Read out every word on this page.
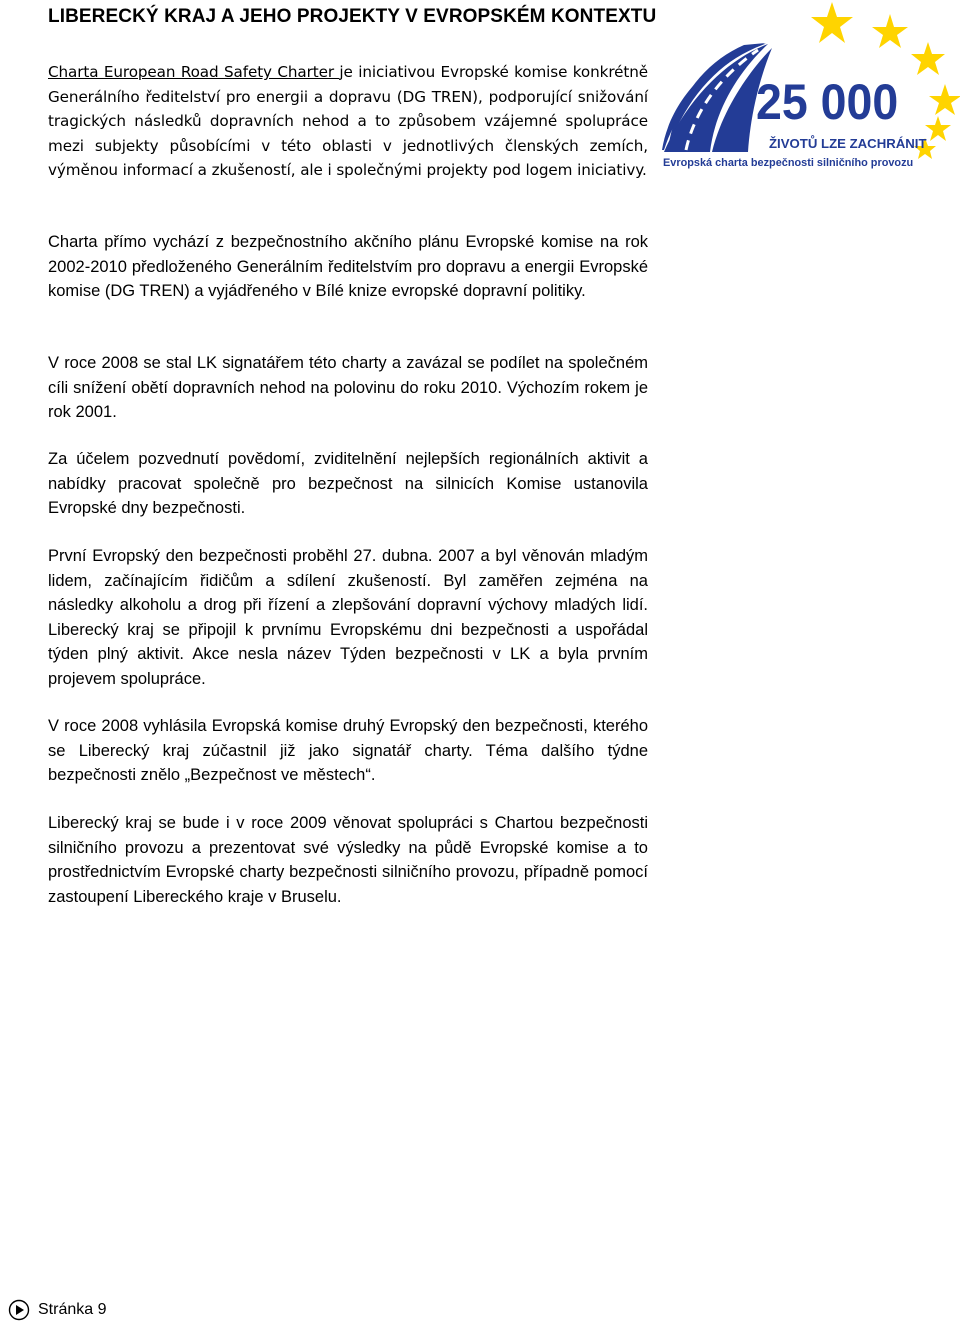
LIBERECKÝ KRAJ A JEHO PROJEKTY V EVROPSKÉM KONTEXTU

Charta European Road Safety Charter je iniciativou Evropské komise konkrétně Generálního ředitelství pro energii a dopravu (DG TREN), podporující snižování tragických následků dopravních nehod a to způsobem vzájemné spolupráce mezi subjekty působícími v této oblasti v jednotlivých členských zemích, výměnou informací a zkušeností, ale i společnými projekty pod logem iniciativy.

25 000
ŽIVOTŮ LZE ZACHRÁNIT
Evropská charta bezpečnosti silničního provozu

Charta přímo vychází z bezpečnostního akčního plánu Evropské komise na rok 2002-2010 předloženého Generálním ředitelstvím pro dopravu a energii Evropské komise (DG TREN) a vyjádřeného v Bílé knize evropské dopravní politiky.

V roce 2008 se stal LK signatářem této charty a zavázal se podílet na společném cíli snížení obětí dopravních nehod na polovinu do roku 2010. Výchozím rokem je rok 2001.

Za účelem pozvednutí povědomí, zviditelnění nejlepších regionálních aktivit a nabídky pracovat společně pro bezpečnost na silnicích Komise ustanovila Evropské dny bezpečnosti.

První Evropský den bezpečnosti proběhl 27. dubna. 2007 a byl věnován mladým lidem, začínajícím řidičům a sdílení zkušeností. Byl zaměřen zejména na následky alkoholu a drog při řízení a zlepšování dopravní výchovy mladých lidí. Liberecký kraj se připojil k prvnímu Evropskému dni bezpečnosti a uspořádal týden plný aktivit. Akce nesla název Týden bezpečnosti v LK a byla prvním projevem spolupráce.

V roce 2008 vyhlásila Evropská komise druhý Evropský den bezpečnosti, kterého se Liberecký kraj zúčastnil již jako signatář charty. Téma dalšího týdne bezpečnosti znělo „Bezpečnost ve městech“.

Liberecký kraj se bude i v roce 2009 věnovat spolupráci s Chartou bezpečnosti silničního provozu a prezentovat své výsledky na půdě Evropské komise a to prostřednictvím Evropské charty bezpečnosti silničního provozu, případně pomocí zastoupení Libereckého kraje v Bruselu.

Stránka 9
